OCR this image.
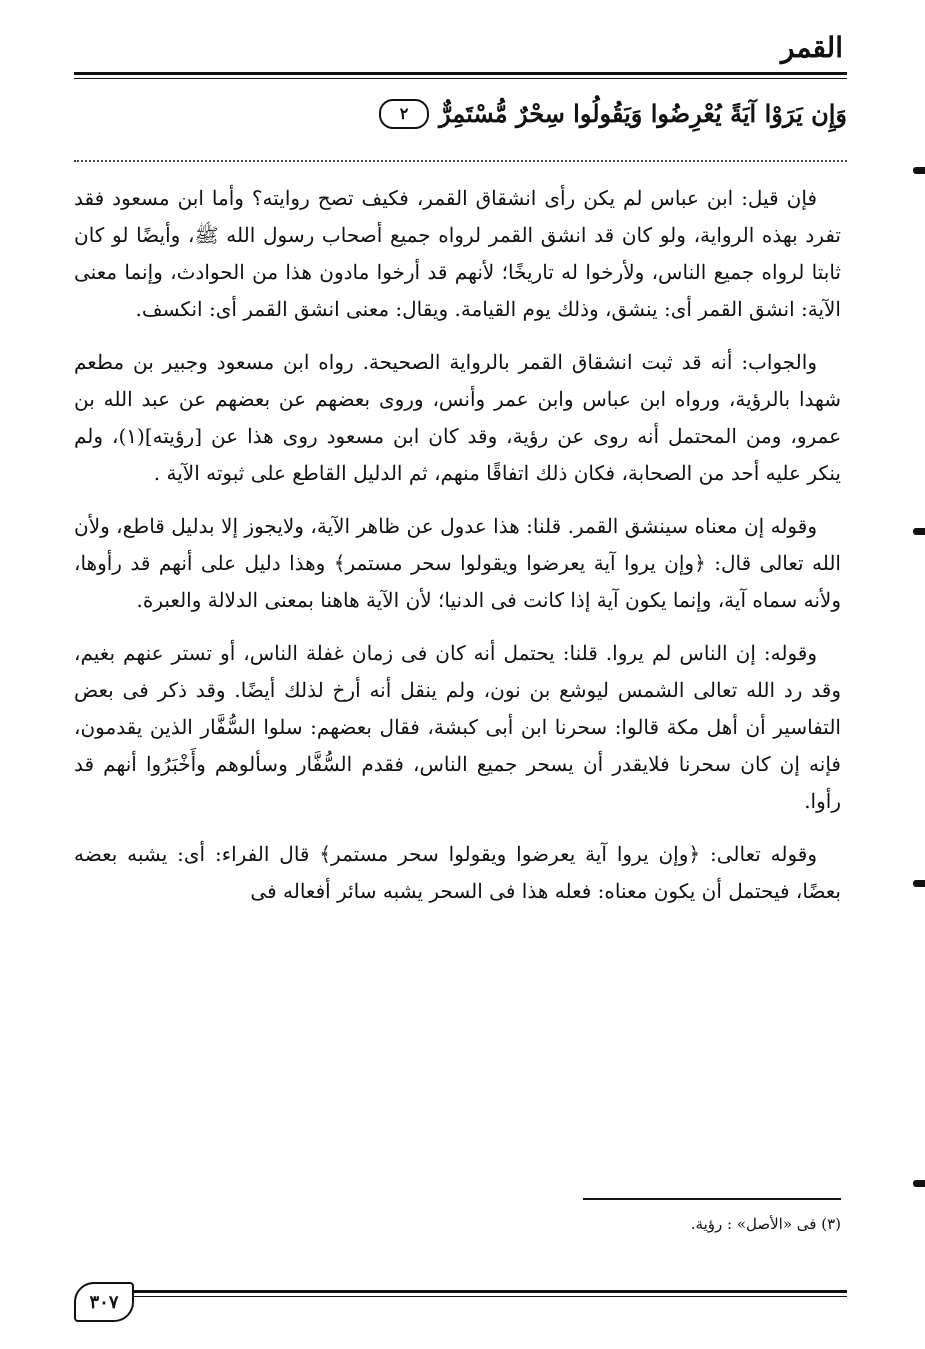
القمر
وَإِن يَرَوْا آيَةً يُعْرِضُوا وَيَقُولُوا سِحْرٌ مُّسْتَمِرٌّ
٢

فإن قيل: ابن عباس لم يكن رأى انشقاق القمر، فكيف تصح روايته؟ وأما ابن مسعود فقد تفرد بهذه الرواية، ولو كان قد انشق القمر لرواه جميع أصحاب رسول الله ﷺ، وأيضًا لو كان ثابتا لرواه جميع الناس، ولأرخوا له تاريخًا؛ لأنهم قد أرخوا مادون هذا من الحوادث، وإنما معنى الآية: انشق القمر أى: ينشق، وذلك يوم القيامة. ويقال: معنى انشق القمر أى: انكسف.

والجواب: أنه قد ثبت انشقاق القمر بالرواية الصحيحة. رواه ابن مسعود وجبير بن مطعم شهدا بالرؤية، ورواه ابن عباس وابن عمر وأنس، وروى بعضهم عن بعضهم عن عبد الله بن عمرو، ومن المحتمل أنه روى عن رؤية، وقد كان ابن مسعود روى هذا عن [رؤيته](١)، ولم ينكر عليه أحد من الصحابة، فكان ذلك اتفاقًا منهم، ثم الدليل القاطع على ثبوته الآية .

وقوله إن معناه سينشق القمر. قلنا: هذا عدول عن ظاهر الآية، ولايجوز إلا بدليل قاطع، ولأن الله تعالى قال: ﴿وإن يروا آية يعرضوا ويقولوا سحر مستمر﴾ وهذا دليل على أنهم قد رأوها، ولأنه سماه آية، وإنما يكون آية إذا كانت فى الدنيا؛ لأن الآية هاهنا بمعنى الدلالة والعبرة.

وقوله: إن الناس لم يروا. قلنا: يحتمل أنه كان فى زمان غفلة الناس، أو تستر عنهم بغيم، وقد رد الله تعالى الشمس ليوشع بن نون، ولم ينقل أنه أرخ لذلك أيضًا. وقد ذكر فى بعض التفاسير أن أهل مكة قالوا: سحرنا ابن أبى كبشة، فقال بعضهم: سلوا السُّفَّار الذين يقدمون، فإنه إن كان سحرنا فلايقدر أن يسحر جميع الناس، فقدم السُّفَّار وسألوهم وأَخْبَرُوا أنهم قد رأوا.

وقوله تعالى: ﴿وإن يروا آية يعرضوا ويقولوا سحر مستمر﴾ قال الفراء: أى: يشبه بعضه بعضًا، فيحتمل أن يكون معناه: فعله هذا فى السحر يشبه سائر أفعاله فى

(٣) فى «الأصل» : رؤية.
٣٠٧
